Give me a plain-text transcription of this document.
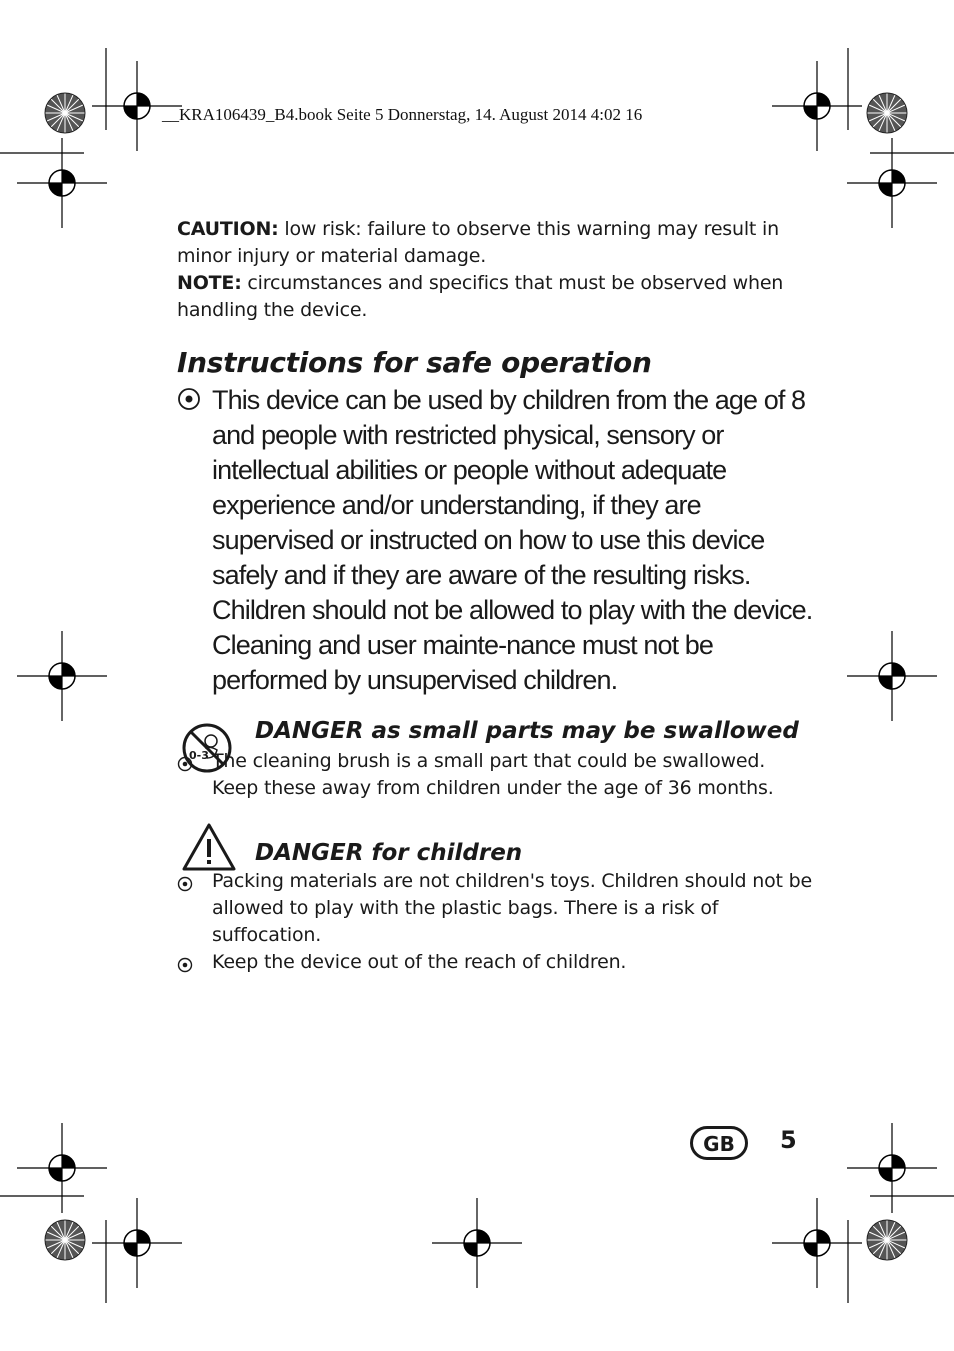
__KRA106439_B4.book Seite 5 Donnerstag, 14. August 2014 4:02 16

CAUTION: low risk: failure to observe this warning may result in minor injury or material damage.

NOTE: circumstances and specifics that must be observed when handling the device.

Instructions for safe operation

This device can be used by children from the age of 8 and people with restricted physical, sensory or intellectual abilities or people without adequate experience and/or understanding, if they are supervised or instructed on how to use this device safely and if they are aware of the resulting risks. Children should not be allowed to play with the device. Cleaning and user mainte-nance must not be performed by unsupervised children.

0-3
DANGER as small parts may be swallowed

The cleaning brush is a small part that could be swallowed. Keep these away from children under the age of 36 months.

DANGER for children

Packing materials are not children's toys. Children should not be allowed to play with the plastic bags. There is a risk of suffocation.

Keep the device out of the reach of children.

GB 5
